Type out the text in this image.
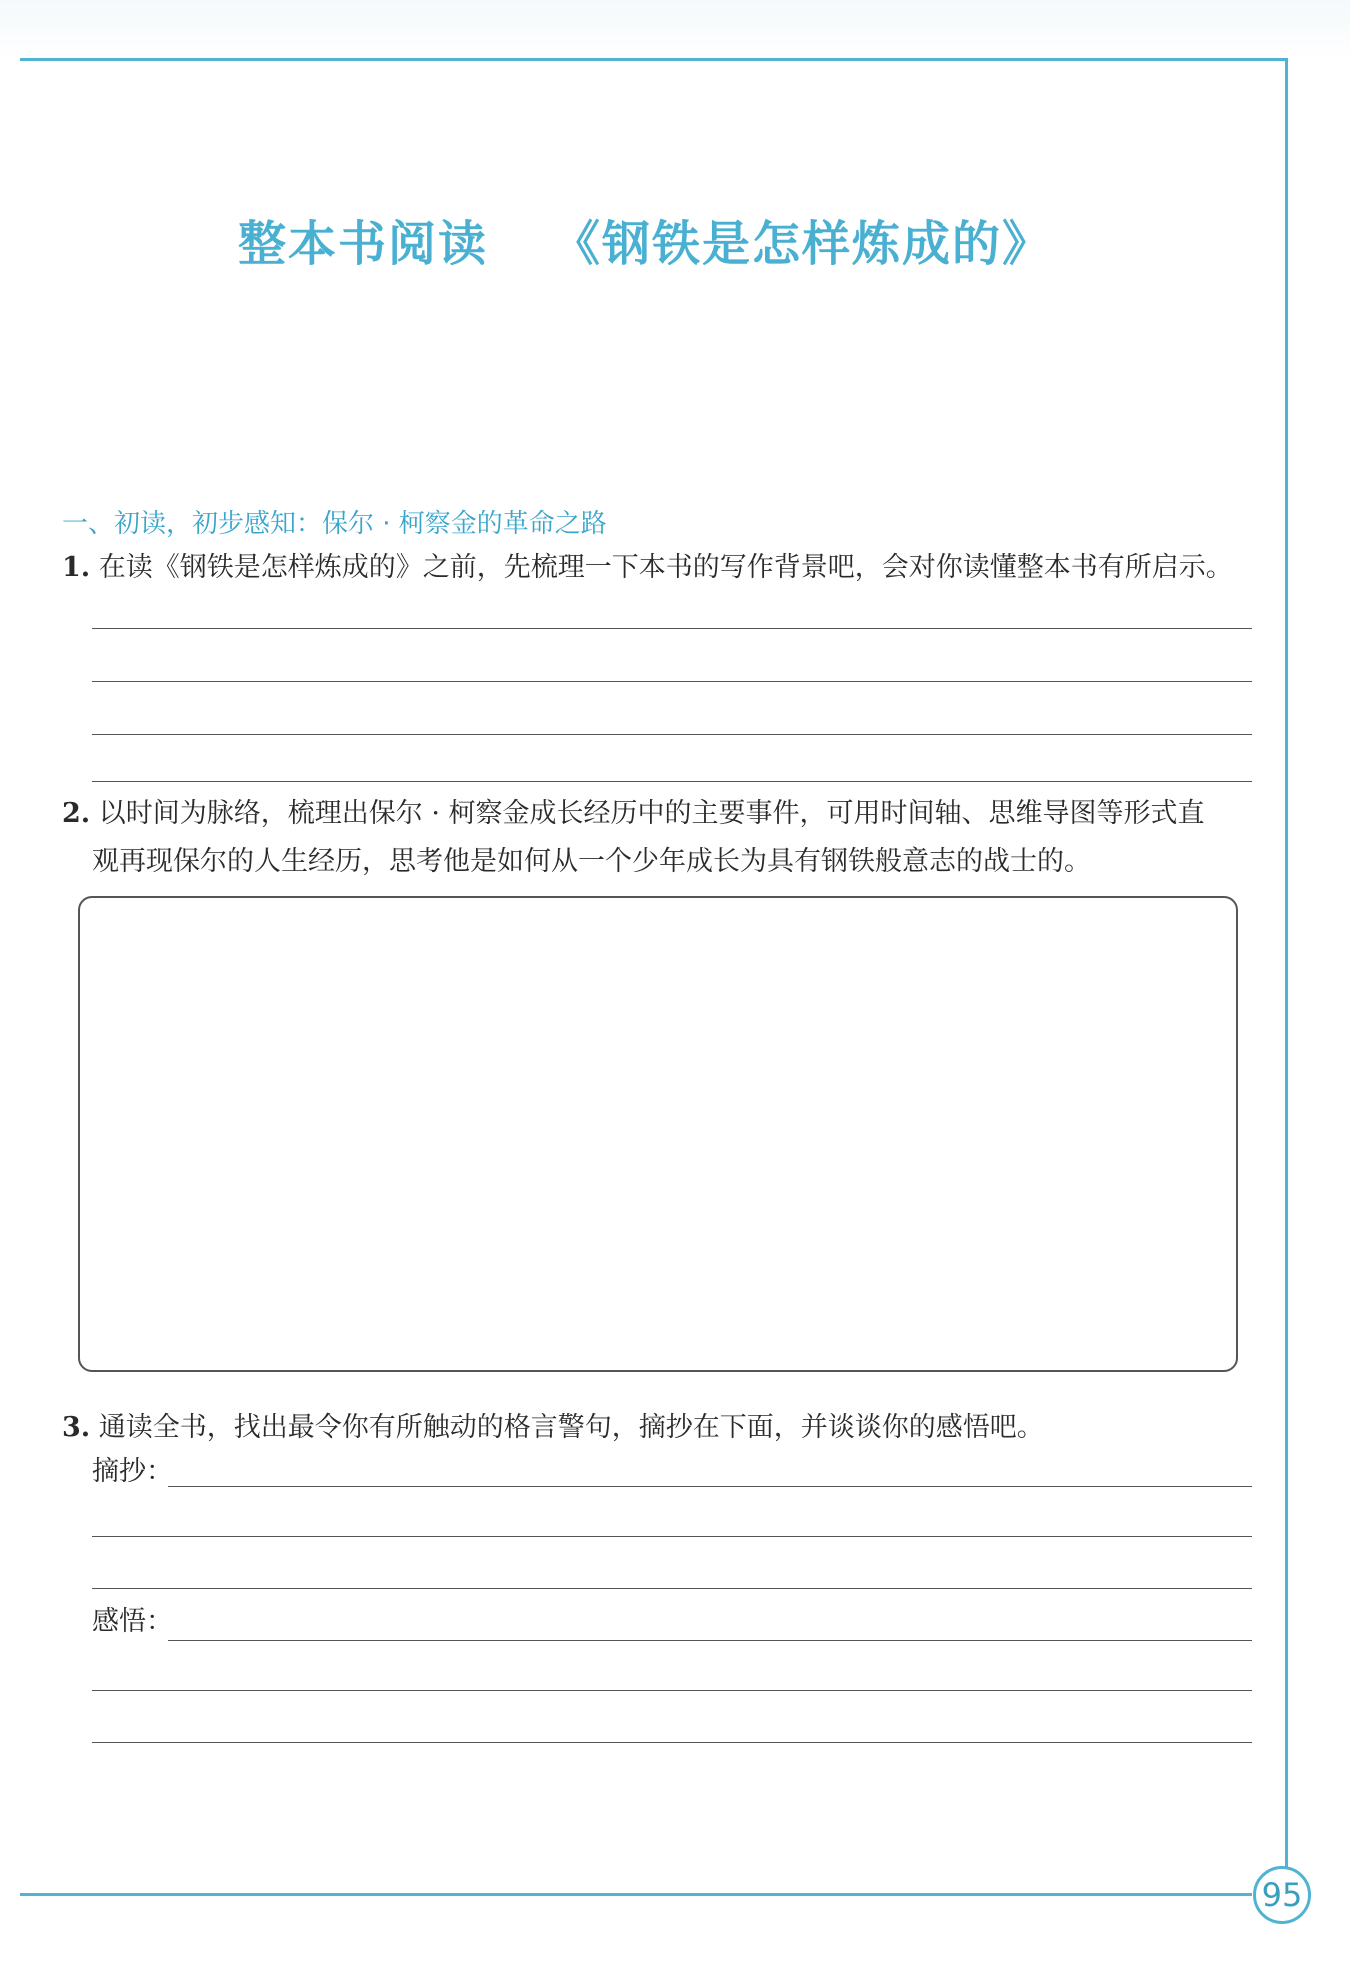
整本书阅读 《钢铁是怎样炼成的》
一、初读，初步感知：保尔 · 柯察金的革命之路
1. 在读《钢铁是怎样炼成的》之前，先梳理一下本书的写作背景吧，会对你读懂整本书有所启示。
2. 以时间为脉络，梳理出保尔 · 柯察金成长经历中的主要事件，可用时间轴、思维导图等形式直
观再现保尔的人生经历，思考他是如何从一个少年成长为具有钢铁般意志的战士的。
3. 通读全书，找出最令你有所触动的格言警句，摘抄在下面，并谈谈你的感悟吧。
摘抄：
感悟：
95
